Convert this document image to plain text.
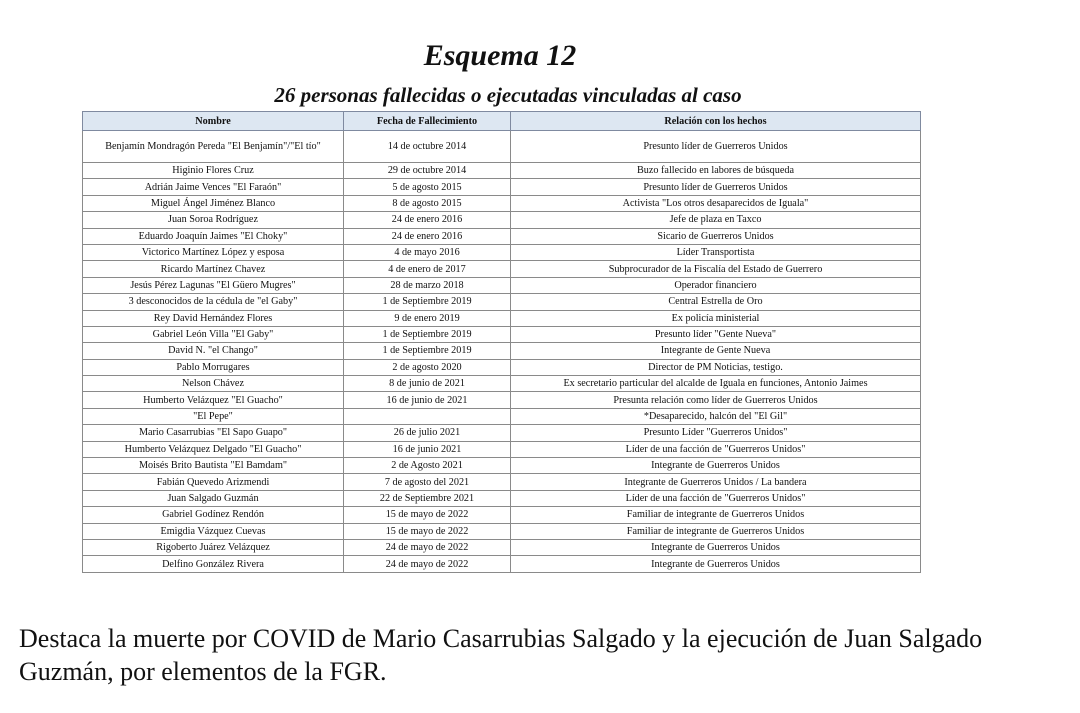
Esquema 12
26 personas fallecidas o ejecutadas vinculadas al caso
Nombre	Fecha de Fallecimiento	Relación con los hechos
Benjamín Mondragón Pereda "El Benjamín"/"El tío"	14 de octubre 2014	Presunto líder de Guerreros Unidos
Higinio Flores Cruz	29 de octubre 2014	Buzo fallecido en labores de búsqueda
Adrián Jaime Vences "El Faraón"	5 de agosto 2015	Presunto líder de Guerreros Unidos
Miguel Ángel Jiménez Blanco	8 de agosto 2015	Activista "Los otros desaparecidos de Iguala"
Juan Soroa Rodríguez	24 de enero 2016	Jefe de plaza en Taxco
Eduardo Joaquín Jaimes "El Choky"	24 de enero 2016	Sicario de Guerreros Unidos
Victorico Martínez López y esposa	4 de mayo 2016	Líder Transportista
Ricardo Martínez Chavez	4 de enero de 2017	Subprocurador de la Fiscalía del Estado de Guerrero
Jesús Pérez Lagunas "El Güero Mugres"	28 de marzo 2018	Operador financiero
3 desconocidos de la cédula de "el Gaby"	1 de Septiembre 2019	Central Estrella de Oro
Rey David Hernández Flores	9 de enero 2019	Ex policía ministerial
Gabriel León Villa "El Gaby"	1 de Septiembre 2019	Presunto líder "Gente Nueva"
David N. "el Chango"	1 de Septiembre 2019	Integrante de Gente Nueva
Pablo Morrugares	2 de agosto 2020	Director de PM Noticias, testigo.
Nelson Chávez	8 de junio de 2021	Ex secretario particular del alcalde de Iguala en funciones, Antonio Jaimes
Humberto Velázquez "El Guacho"	16 de junio de 2021	Presunta relación como líder de Guerreros Unidos
"El Pepe"		*Desaparecido, halcón del "El Gil"
Mario Casarrubias "El Sapo Guapo"	26 de julio 2021	Presunto Líder "Guerreros Unidos"
Humberto Velázquez Delgado "El Guacho"	16 de junio 2021	Líder de una facción de "Guerreros Unidos"
Moisés Brito Bautista "El Bamdam"	2 de Agosto 2021	Integrante de Guerreros Unidos
Fabián Quevedo Arizmendi	7 de agosto del 2021	Integrante de Guerreros Unidos / La bandera
Juan Salgado Guzmán	22 de Septiembre 2021	Líder de una facción de "Guerreros Unidos"
Gabriel Godínez Rendón	15 de mayo de 2022	Familiar de integrante de Guerreros Unidos
Emigdia Vázquez Cuevas	15 de mayo de 2022	Familiar de integrante de Guerreros Unidos
Rigoberto Juárez Velázquez	24 de mayo de 2022	Integrante de Guerreros Unidos
Delfino González Rivera	24 de mayo de 2022	Integrante de Guerreros Unidos
Destaca la muerte por COVID de Mario Casarrubias Salgado y la ejecución de Juan Salgado Guzmán, por elementos de la FGR.
